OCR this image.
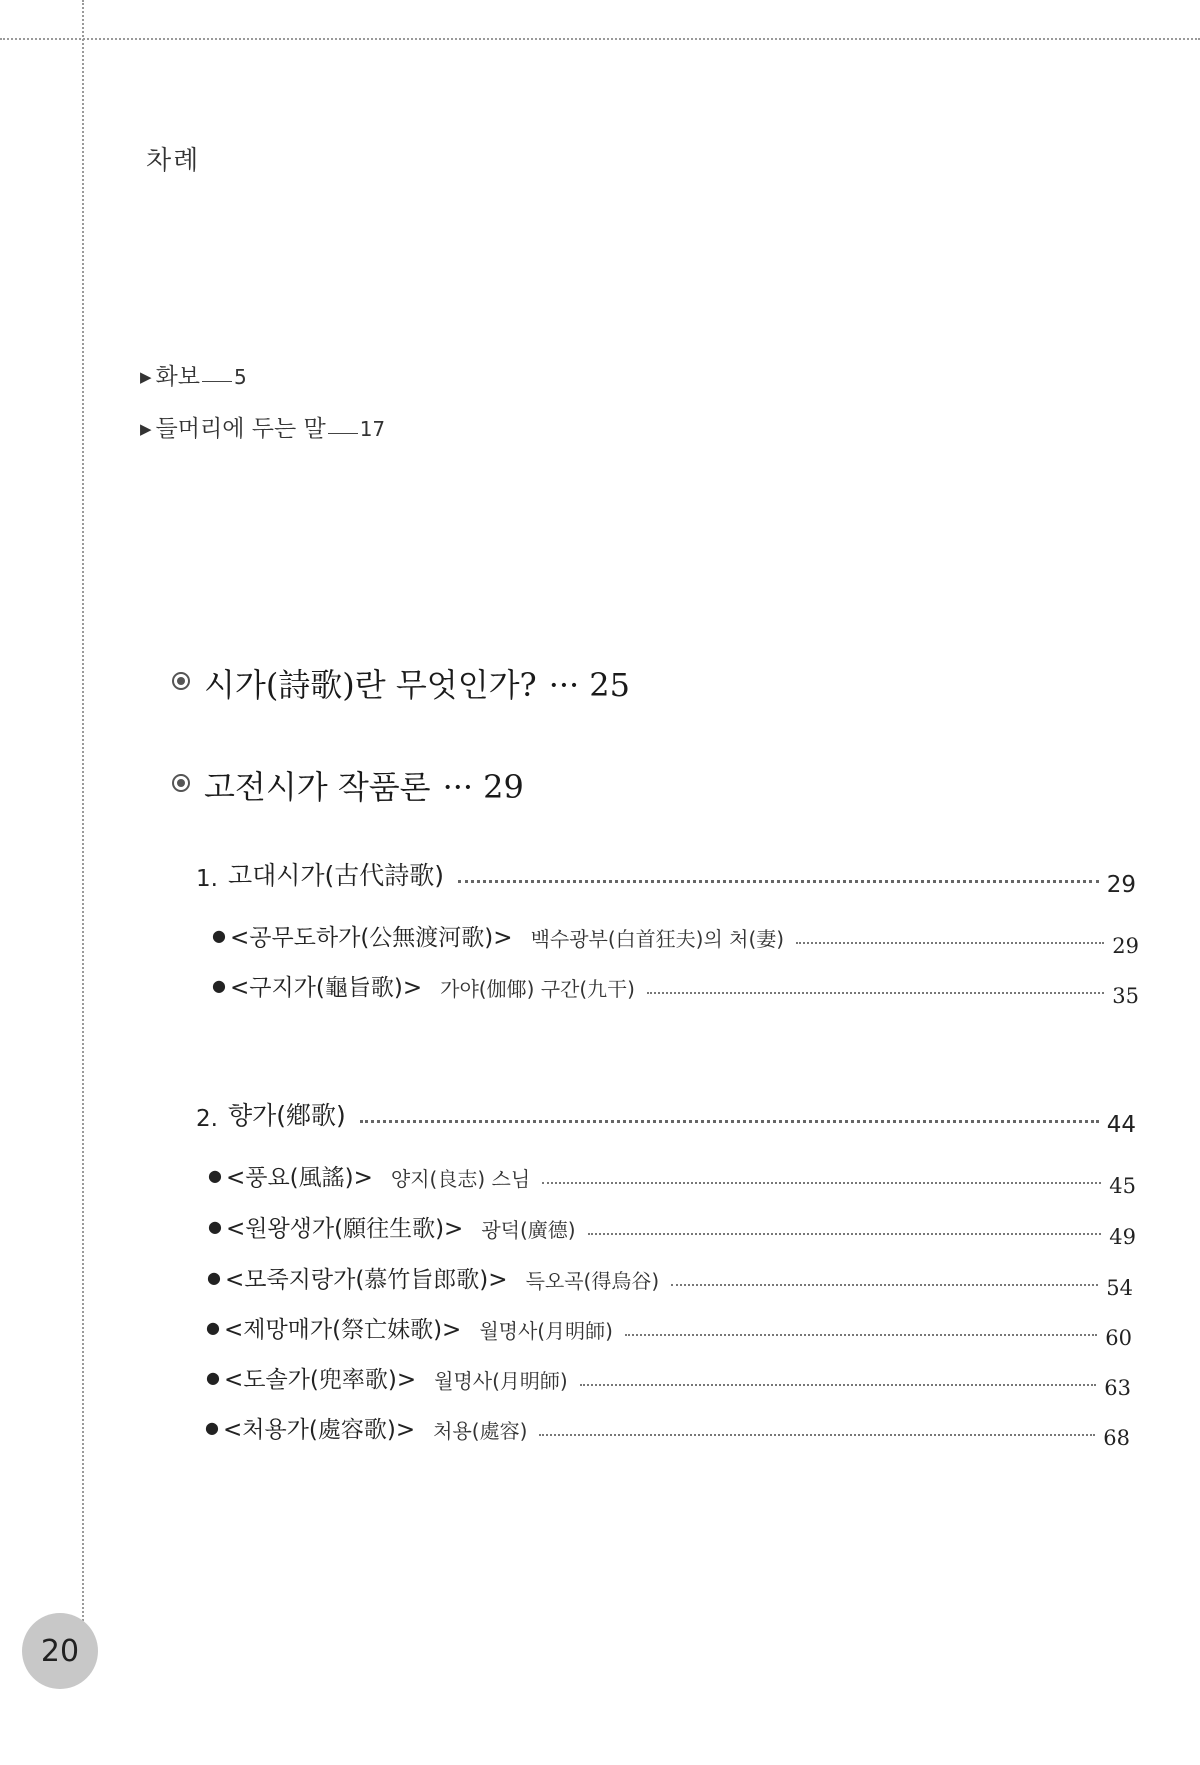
차례
▶ 화보 5
▶ 들머리에 두는 말 17
시가(詩歌)란 무엇인가? ··· 25
고전시가 작품론 ··· 29
1. 고대시가(古代詩歌)	29
● <공무도하가(公無渡河歌)> 백수광부(白首狂夫)의 처(妻)	29
● <구지가(龜旨歌)> 가야(伽倻) 구간(九干)	35
2. 향가(鄕歌)	44
● <풍요(風謠)> 양지(良志) 스님	45
● <원왕생가(願往生歌)> 광덕(廣德)	49
● <모죽지랑가(慕竹旨郎歌)> 득오곡(得烏谷)	54
● <제망매가(祭亡妹歌)> 월명사(月明師)	60
● <도솔가(兜率歌)> 월명사(月明師)	63
● <처용가(處容歌)> 처용(處容)	68
20
